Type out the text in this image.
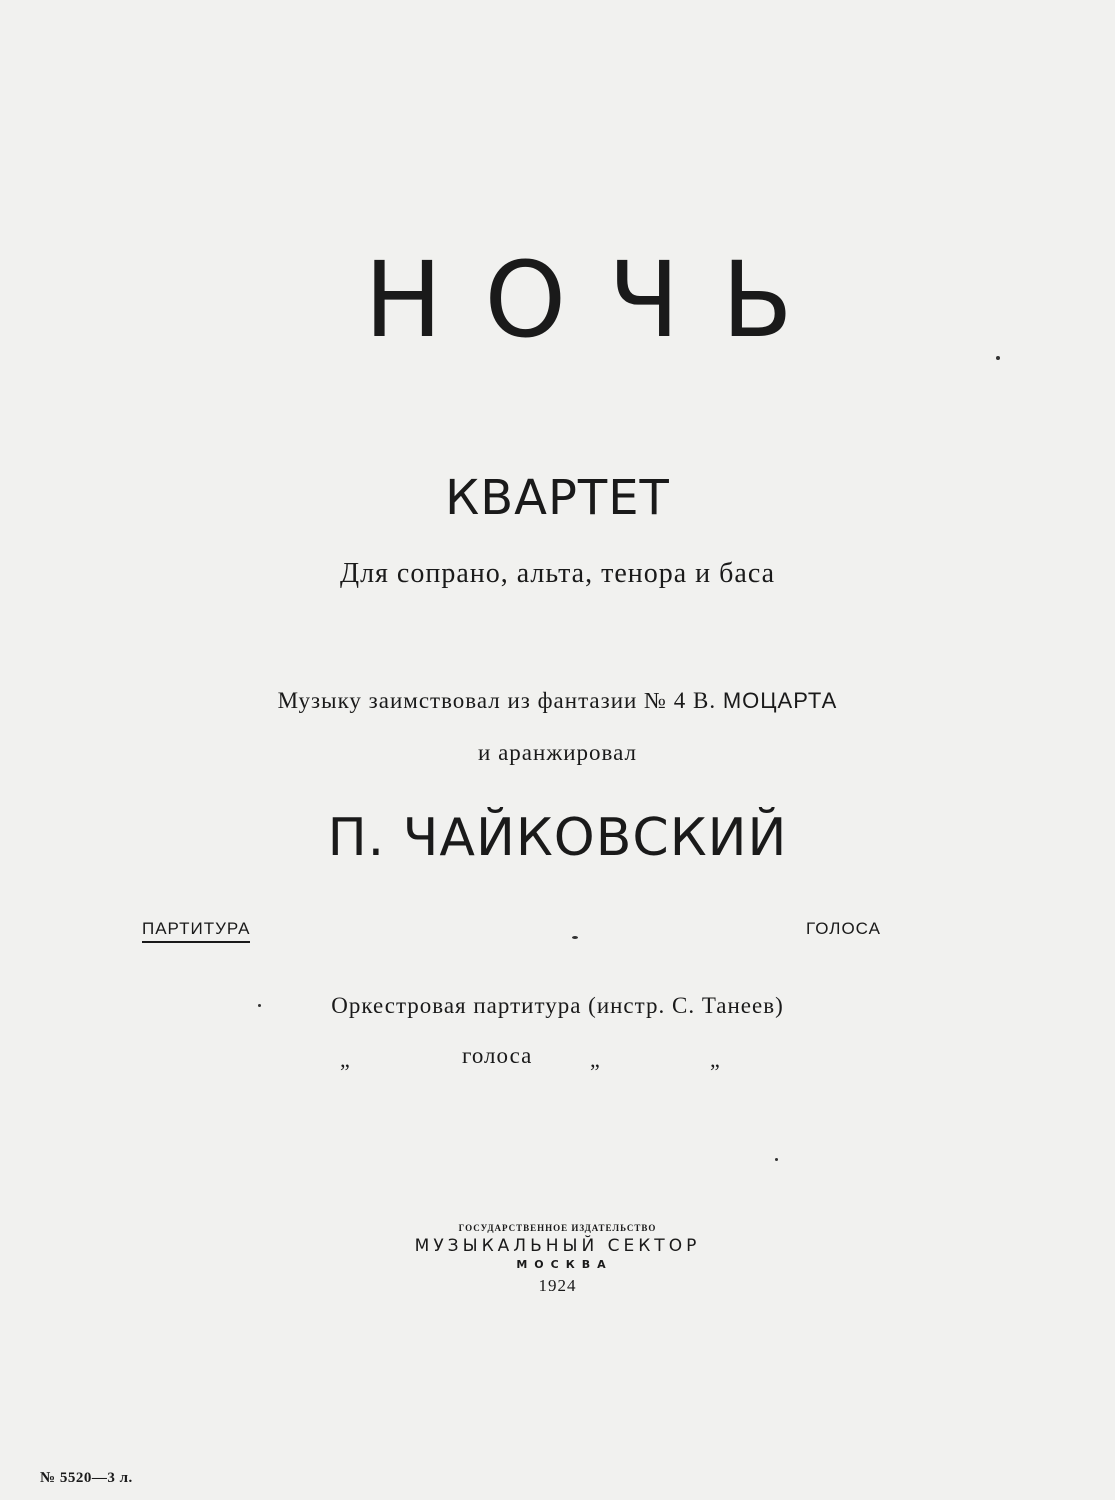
НОЧЬ
КВАРТЕТ
Для сопрано, альта, тенора и баса
Музыку заимствовал из фантазии № 4 В. МОЦАРТА
и аранжировал
П. ЧАЙКОВСКИЙ
ПАРТИТУРА	ГОЛОСА
Оркестровая партитура (инстр. С. Танеев)
„	голоса	„	„
ГОСУДАРСТВЕННОЕ ИЗДАТЕЛЬСТВО
МУЗЫКАЛЬНЫЙ СЕКТОР
МОСКВА
1924
№ 5520—3 л.
